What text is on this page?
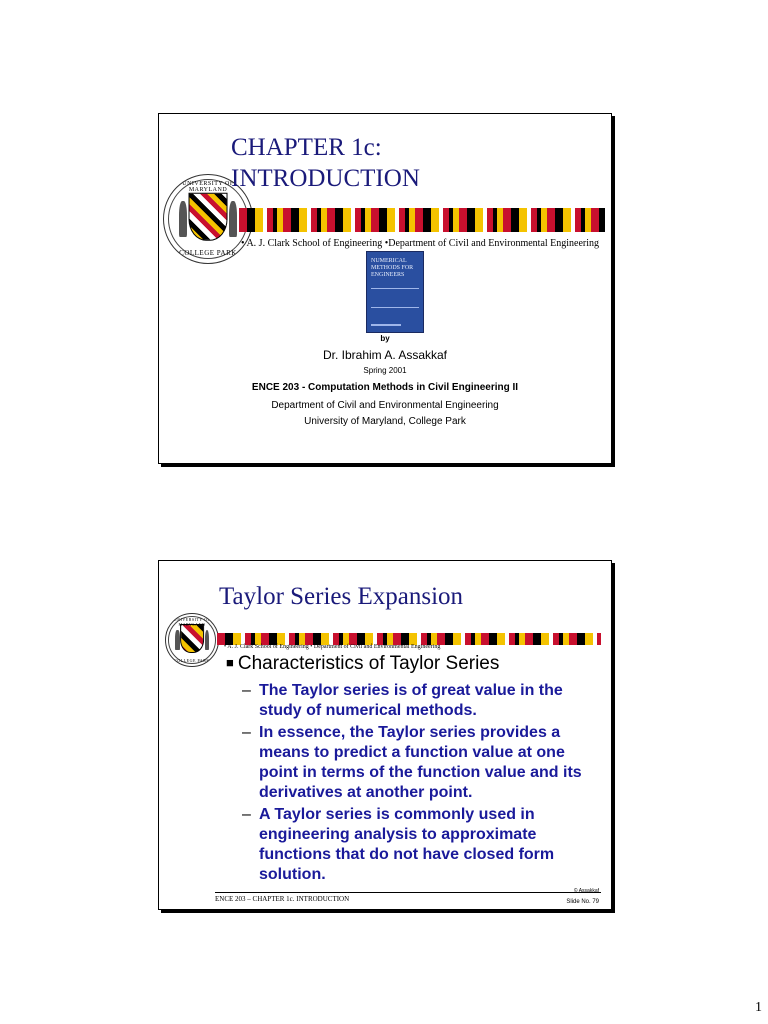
UNIVERSITY OF MARYLAND
COLLEGE PARK
CHAPTER 1c:
INTRODUCTION
• A. J. Clark School of Engineering •Department of Civil and Environmental Engineering
NUMERICAL METHODS FOR ENGINEERS
by
Dr. Ibrahim A. Assakkaf
Spring 2001
ENCE 203 - Computation Methods in Civil Engineering II
Department of Civil and Environmental Engineering
University of Maryland, College Park
UNIVERSITY OF MARYLAND
COLLEGE PARK
Taylor Series Expansion
• A. J. Clark School of Engineering • Department of Civil and Environmental Engineering
■ Characteristics of Taylor Series
– The Taylor series is of great value in the study of numerical methods.
– In essence, the Taylor series provides a means to predict a function value at one point in terms of the function value and its derivatives at another point.
– A Taylor series is commonly used in engineering analysis to approximate functions that do not have closed form solution.
ENCE 203 – CHAPTER 1c. INTRODUCTION
© Assakkaf
Slide No. 79
1
